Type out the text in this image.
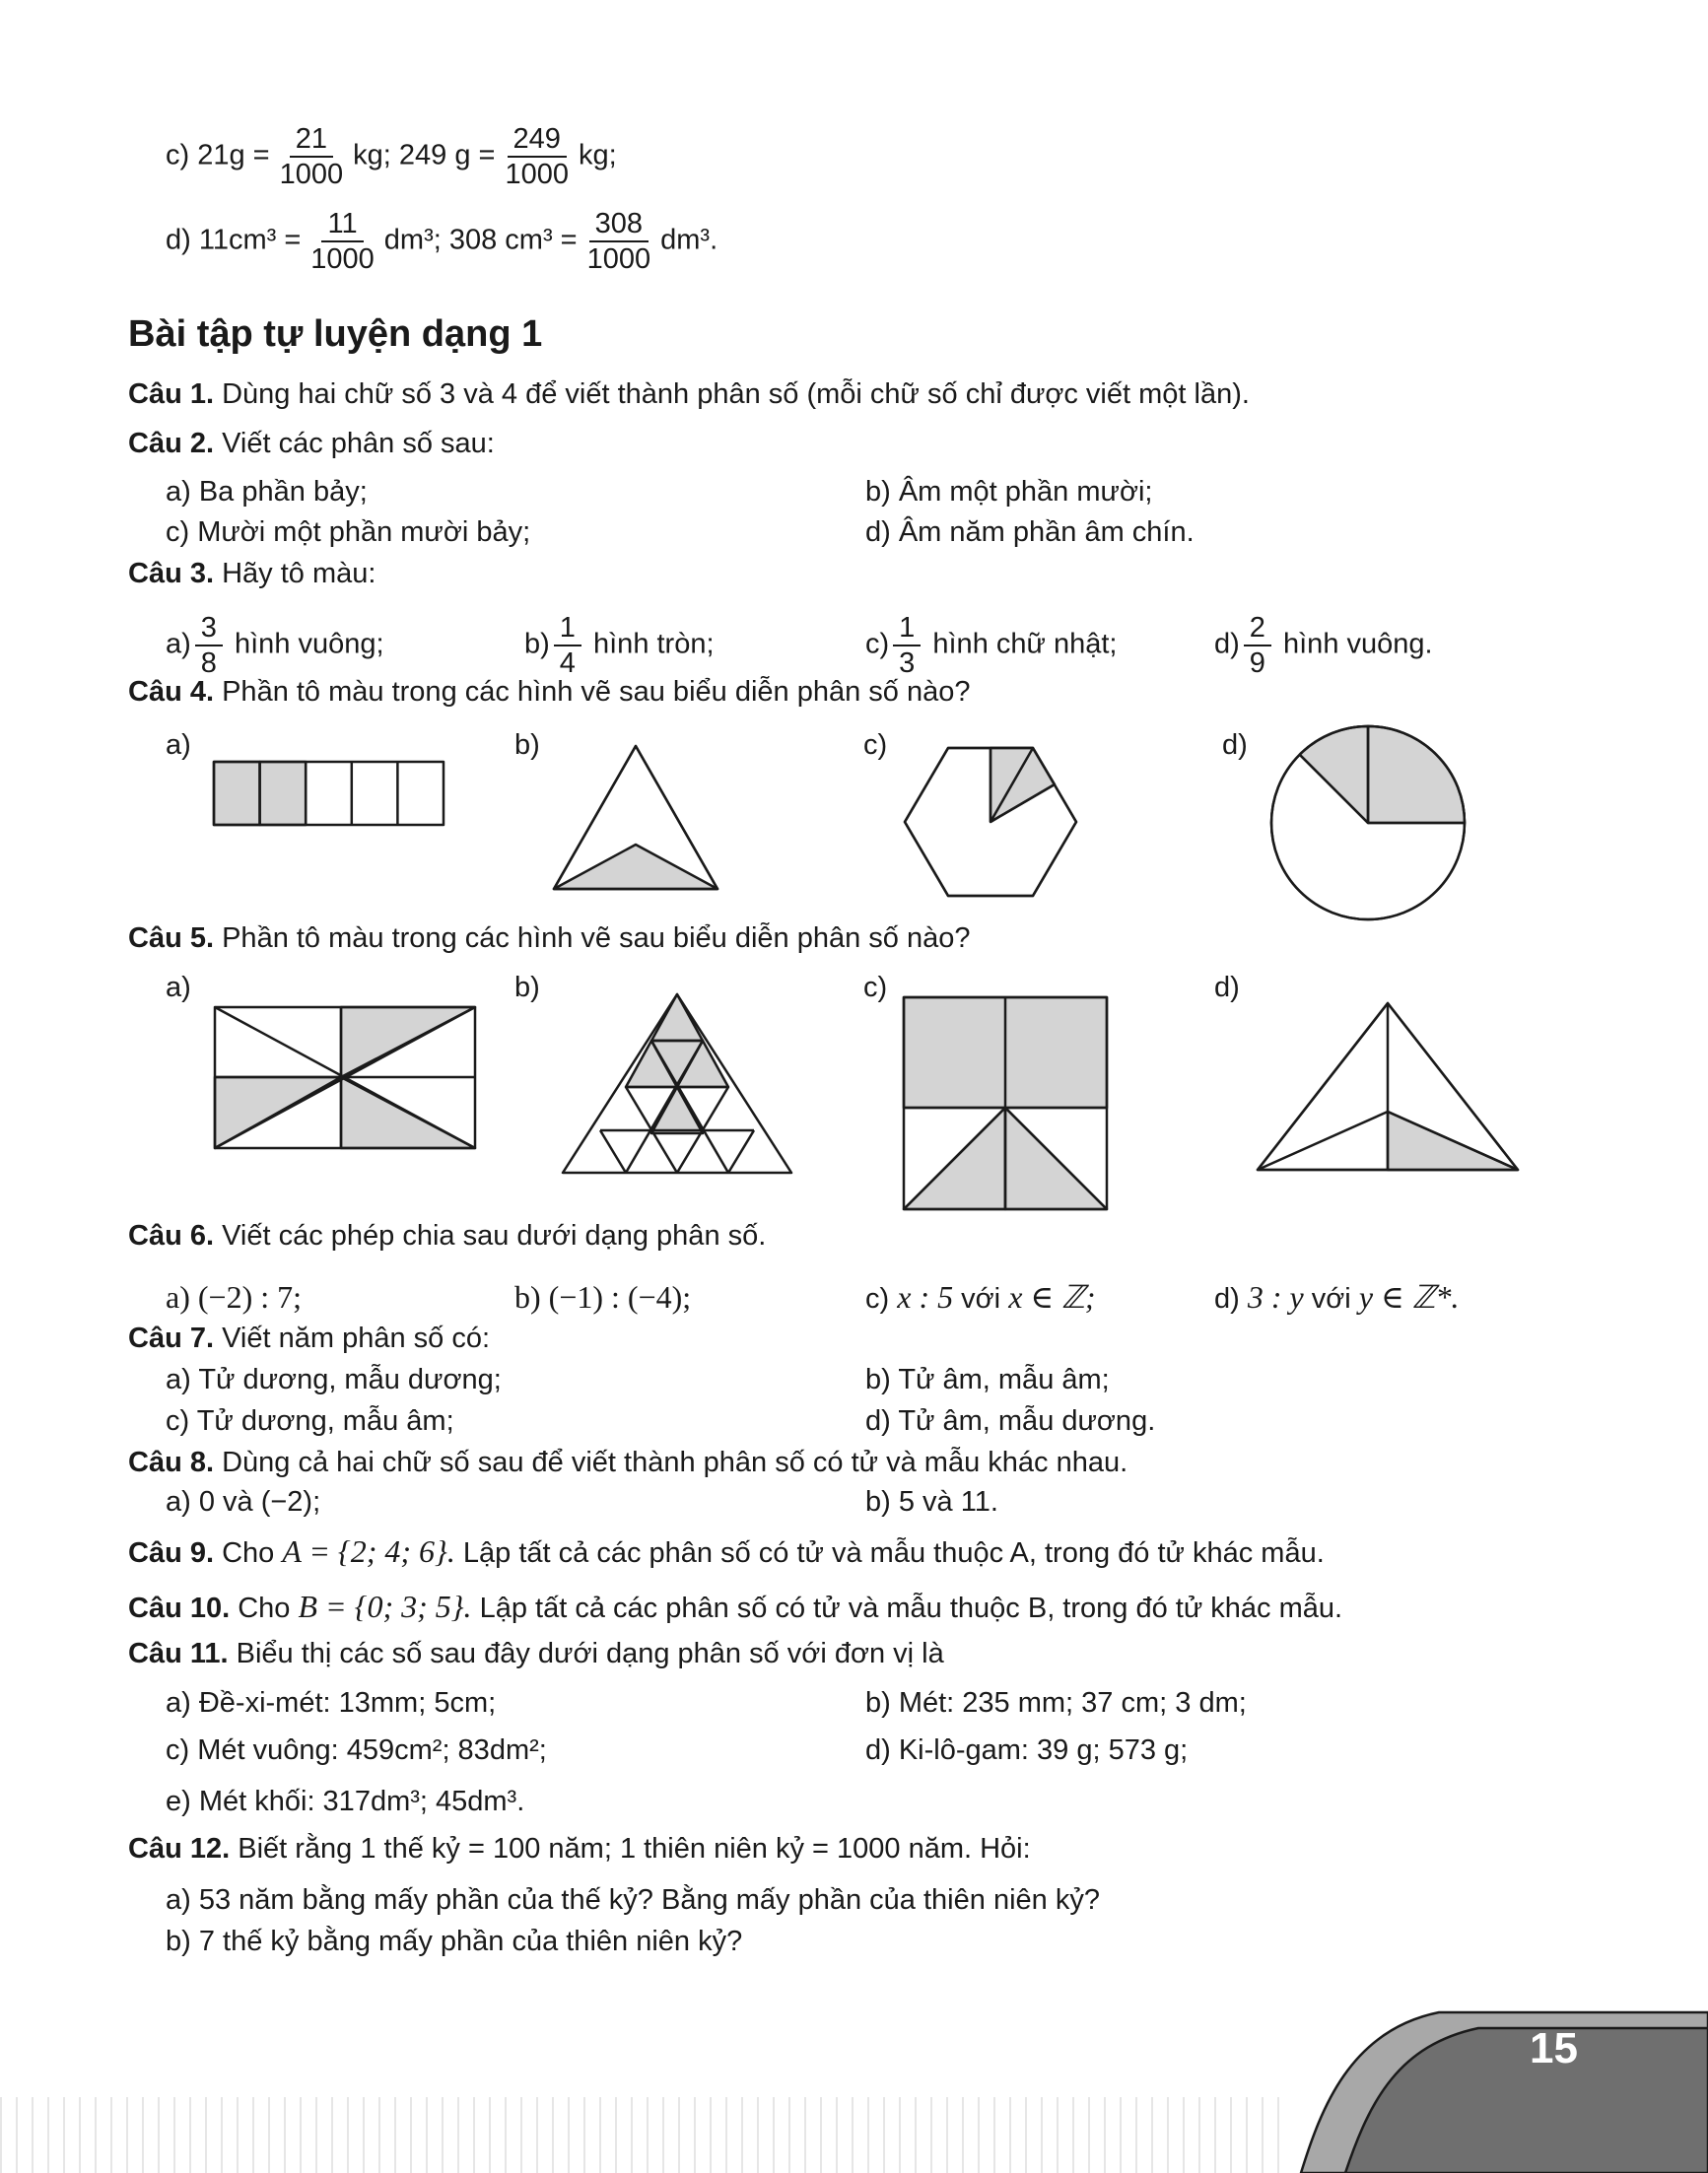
c) $21g = \frac{21}{1000}$ kg; 249 $g = \frac{249}{1000}$ kg;
d) $11cm^3 = \frac{11}{1000} dm^3$; 308 $cm^3 = \frac{308}{1000} dm^3$.
Bài tập tự luyện dạng 1
Câu 1. Dùng hai chữ số 3 và 4 để viết thành phân số (mỗi chữ số chỉ được viết một lần).
Câu 2. Viết các phân số sau:
a) Ba phần bảy;	b) Âm một phần mười;
c) Mười một phần mười bảy;	d) Âm năm phần âm chín.
Câu 3. Hãy tô màu:
$a) \frac{3}{8}$ hình vuông;	$b) \frac{1}{4}$ hình tròn;	$c) \frac{1}{3}$ hình chữ nhật;	$d) \frac{2}{9}$ hình vuông.
Câu 4. Phần tô màu trong các hình vẽ sau biểu diễn phân số nào?
a)	b)	c)	d)
Câu 5. Phần tô màu trong các hình vẽ sau biểu diễn phân số nào?
a)	b)	c)	d)
Câu 6. Viết các phép chia sau dưới dạng phân số.
a) (−2) : 7;	b) (−1) : (−4);	c) x : 5 với x ∈ ℤ;	d) 3 : y với y ∈ ℤ*.
Câu 7. Viết năm phân số có:
a) Tử dương, mẫu dương;	b) Tử âm, mẫu âm;
c) Tử dương, mẫu âm;	d) Tử âm, mẫu dương.
Câu 8. Dùng cả hai chữ số sau để viết thành phân số có tử và mẫu khác nhau.
a) 0 và (−2);	b) 5 và 11.
Câu 9. Cho A = {2; 4; 6}. Lập tất cả các phân số có tử và mẫu thuộc A, trong đó tử khác mẫu.
Câu 10. Cho B = {0; 3; 5}. Lập tất cả các phân số có tử và mẫu thuộc B, trong đó tử khác mẫu.
Câu 11. Biểu thị các số sau đây dưới dạng phân số với đơn vị là
a) Đề-xi-mét: 13mm; 5cm;	b) Mét: 235 mm; 37 cm; 3 dm;
c) Mét vuông: 459cm²; 83dm²;	d) Ki-lô-gam: 39 g; 573 g;
e) Mét khối: 317dm³; 45dm³.
Câu 12. Biết rằng 1 thế kỷ = 100 năm; 1 thiên niên kỷ = 1000 năm. Hỏi:
a) 53 năm bằng mấy phần của thế kỷ? Bằng mấy phần của thiên niên kỷ?
b) 7 thế kỷ bằng mấy phần của thiên niên kỷ?
15
